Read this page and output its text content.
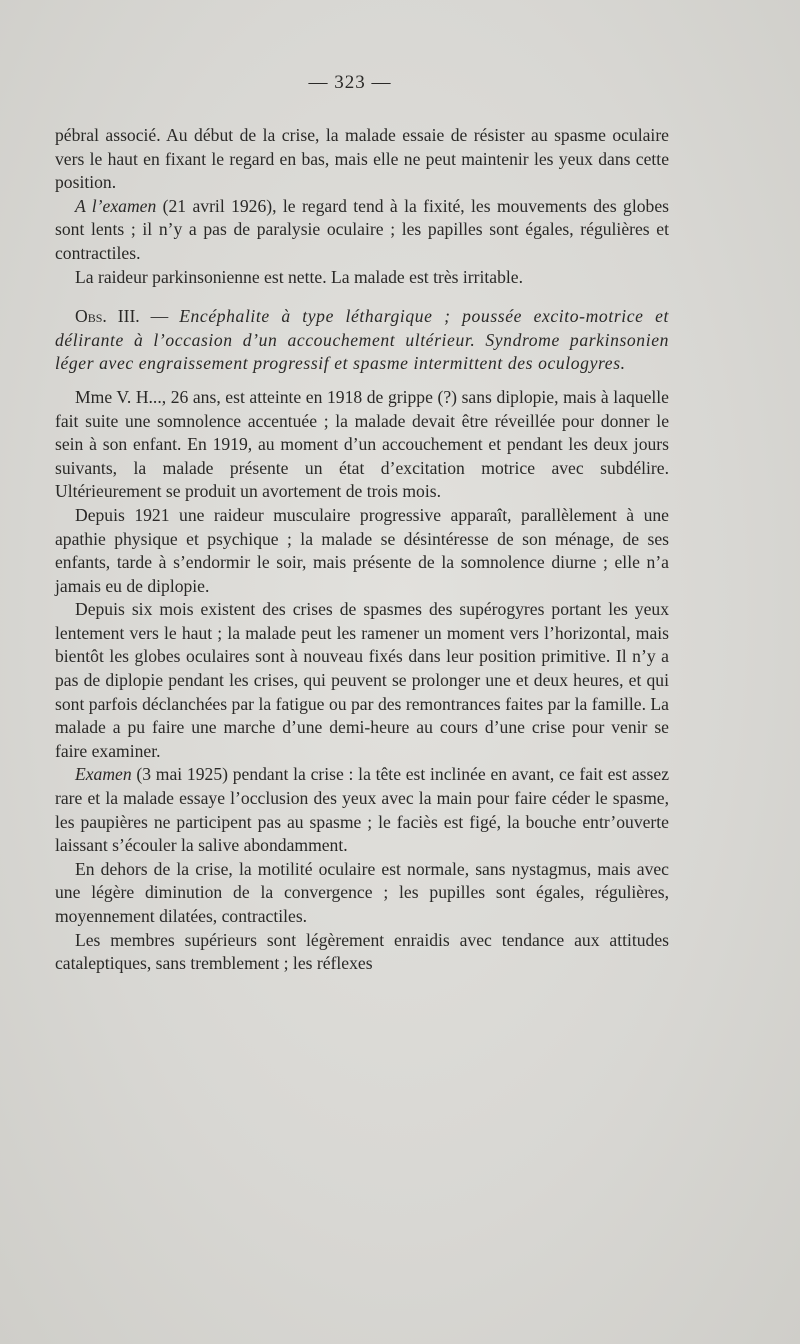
— 323 —

pébral associé. Au début de la crise, la malade essaie de résister au spasme oculaire vers le haut en fixant le regard en bas, mais elle ne peut maintenir les yeux dans cette position.

A l’examen (21 avril 1926), le regard tend à la fixité, les mouvements des globes sont lents ; il n’y a pas de paralysie oculaire ; les papilles sont égales, régulières et contractiles.

La raideur parkinsonienne est nette. La malade est très irritable.

Obs. III. — Encéphalite à type léthargique ; poussée excito-motrice et délirante à l’occasion d’un accouchement ultérieur. Syndrome parkinsonien léger avec engraissement progressif et spasme intermittent des oculogyres.

Mme V. H..., 26 ans, est atteinte en 1918 de grippe (?) sans diplopie, mais à laquelle fait suite une somnolence accentuée ; la malade devait être réveillée pour donner le sein à son enfant. En 1919, au moment d’un accouchement et pendant les deux jours suivants, la malade présente un état d’excitation motrice avec subdélire. Ultérieurement se produit un avortement de trois mois.

Depuis 1921 une raideur musculaire progressive apparaît, parallèlement à une apathie physique et psychique ; la malade se désintéresse de son ménage, de ses enfants, tarde à s’endormir le soir, mais présente de la somnolence diurne ; elle n’a jamais eu de diplopie.

Depuis six mois existent des crises de spasmes des supérogyres portant les yeux lentement vers le haut ; la malade peut les ramener un moment vers l’horizontal, mais bientôt les globes oculaires sont à nouveau fixés dans leur position primitive. Il n’y a pas de diplopie pendant les crises, qui peuvent se prolonger une et deux heures, et qui sont parfois déclanchées par la fatigue ou par des remontrances faites par la famille. La malade a pu faire une marche d’une demi-heure au cours d’une crise pour venir se faire examiner.

Examen (3 mai 1925) pendant la crise : la tête est inclinée en avant, ce fait est assez rare et la malade essaye l’occlusion des yeux avec la main pour faire céder le spasme, les paupières ne participent pas au spasme ; le faciès est figé, la bouche entr’ouverte laissant s’écouler la salive abondamment.

En dehors de la crise, la motilité oculaire est normale, sans nystagmus, mais avec une légère diminution de la convergence ; les pupilles sont égales, régulières, moyennement dilatées, contractiles.

Les membres supérieurs sont légèrement enraidis avec tendance aux attitudes cataleptiques, sans tremblement ; les réflexes
